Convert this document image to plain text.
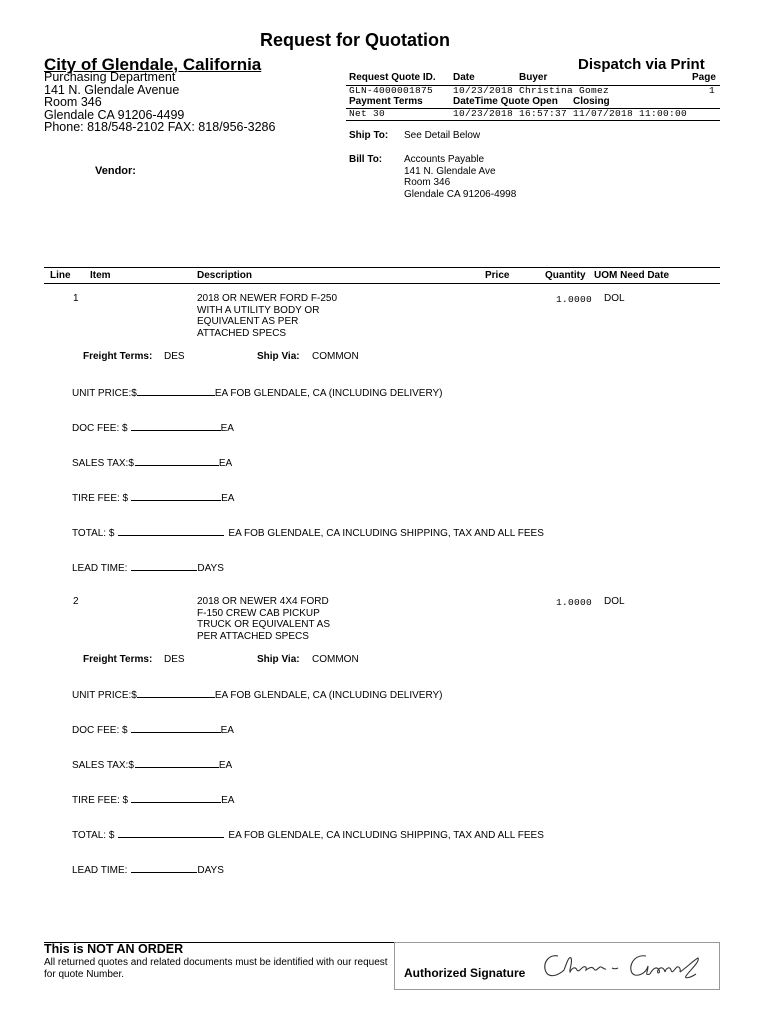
Request for Quotation
City of Glendale, California	Dispatch via Print
Purchasing Department
141 N. Glendale Avenue
Room 346
Glendale CA 91206-4499
Phone: 818/548-2102 FAX: 818/956-3286
Request Quote ID. Date	Buyer	Page
GLN-4000001875 10/23/2018 Christina Gomez	1
Payment Terms	DateTime Quote Open Closing
Net 30	10/23/2018 16:57:37 11/07/2018 11:00:00
Ship To: See Detail Below
Bill To: Accounts Payable
141 N. Glendale Ave
Room 346
Glendale CA 91206-4998
Vendor:
Line Item	Description	Price	Quantity UOM Need Date
1	2018 OR NEWER FORD F-250
WITH A UTILITY BODY OR
EQUIVALENT AS PER
ATTACHED SPECS
1.0000 DOL
Freight Terms: DES	Ship Via: COMMON
UNIT PRICE:$	EA FOB GLENDALE, CA (INCLUDING DELIVERY)
DOC FEE: $	EA
SALES TAX:$	EA
TIRE FEE: $	EA
TOTAL: $	EA FOB GLENDALE, CA INCLUDING SHIPPING, TAX AND ALL FEES
LEAD TIME:	DAYS
2	2018 OR NEWER 4X4 FORD
F-150 CREW CAB PICKUP
TRUCK OR EQUIVALENT AS
PER ATTACHED SPECS
1.0000 DOL
Freight Terms: DES	Ship Via: COMMON
UNIT PRICE:$	EA FOB GLENDALE, CA (INCLUDING DELIVERY)
DOC FEE: $	EA
SALES TAX:$	EA
TIRE FEE: $	EA
TOTAL: $	EA FOB GLENDALE, CA INCLUDING SHIPPING, TAX AND ALL FEES
LEAD TIME:	DAYS
This is NOT AN ORDER
All returned quotes and related documents must be identified with our request
for quote Number.	Authorized Signature
